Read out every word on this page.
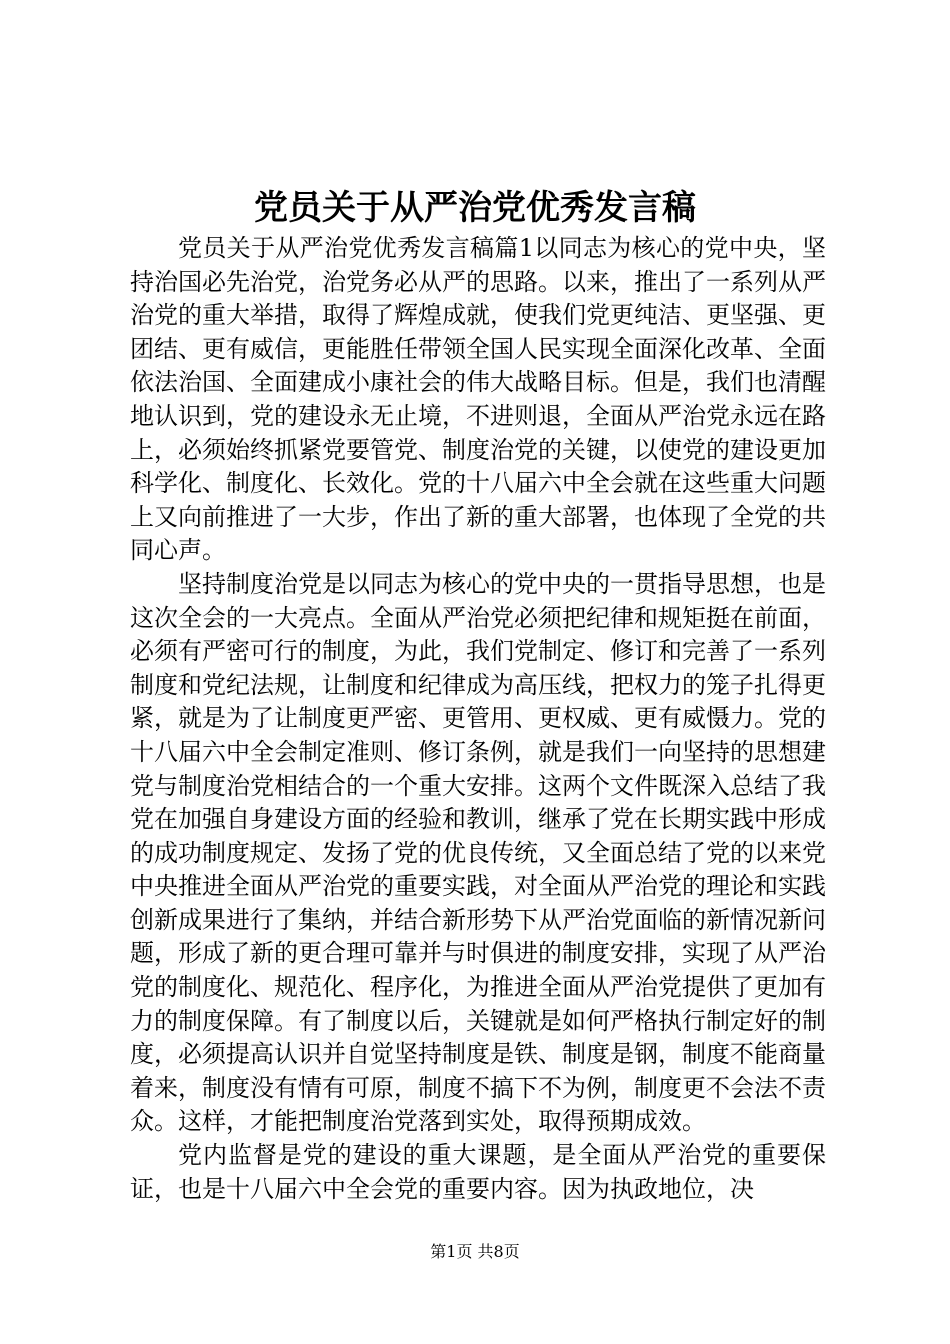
党员关于从严治党优秀发言稿

党员关于从严治党优秀发言稿篇1以同志为核心的党中央，坚持治国必先治党，治党务必从严的思路。以来，推出了一系列从严治党的重大举措，取得了辉煌成就，使我们党更纯洁、更坚强、更团结、更有威信，更能胜任带领全国人民实现全面深化改革、全面依法治国、全面建成小康社会的伟大战略目标。但是，我们也清醒地认识到，党的建设永无止境，不进则退，全面从严治党永远在路上，必须始终抓紧党要管党、制度治党的关键，以使党的建设更加科学化、制度化、长效化。党的十八届六中全会就在这些重大问题上又向前推进了一大步，作出了新的重大部署，也体现了全党的共同心声。

坚持制度治党是以同志为核心的党中央的一贯指导思想，也是这次全会的一大亮点。全面从严治党必须把纪律和规矩挺在前面，必须有严密可行的制度，为此，我们党制定、修订和完善了一系列制度和党纪法规，让制度和纪律成为高压线，把权力的笼子扎得更紧，就是为了让制度更严密、更管用、更权威、更有威慑力。党的十八届六中全会制定准则、修订条例，就是我们一向坚持的思想建党与制度治党相结合的一个重大安排。这两个文件既深入总结了我党在加强自身建设方面的经验和教训，继承了党在长期实践中形成的成功制度规定、发扬了党的优良传统，又全面总结了党的以来党中央推进全面从严治党的重要实践，对全面从严治党的理论和实践创新成果进行了集纳，并结合新形势下从严治党面临的新情况新问题，形成了新的更合理可靠并与时俱进的制度安排，实现了从严治党的制度化、规范化、程序化，为推进全面从严治党提供了更加有力的制度保障。有了制度以后，关键就是如何严格执行制定好的制度，必须提高认识并自觉坚持制度是铁、制度是钢，制度不能商量着来，制度没有情有可原，制度不搞下不为例，制度更不会法不责众。这样，才能把制度治党落到实处，取得预期成效。

党内监督是党的建设的重大课题，是全面从严治党的重要保证，也是十八届六中全会党的重要内容。因为执政地位，决

第1页 共8页
